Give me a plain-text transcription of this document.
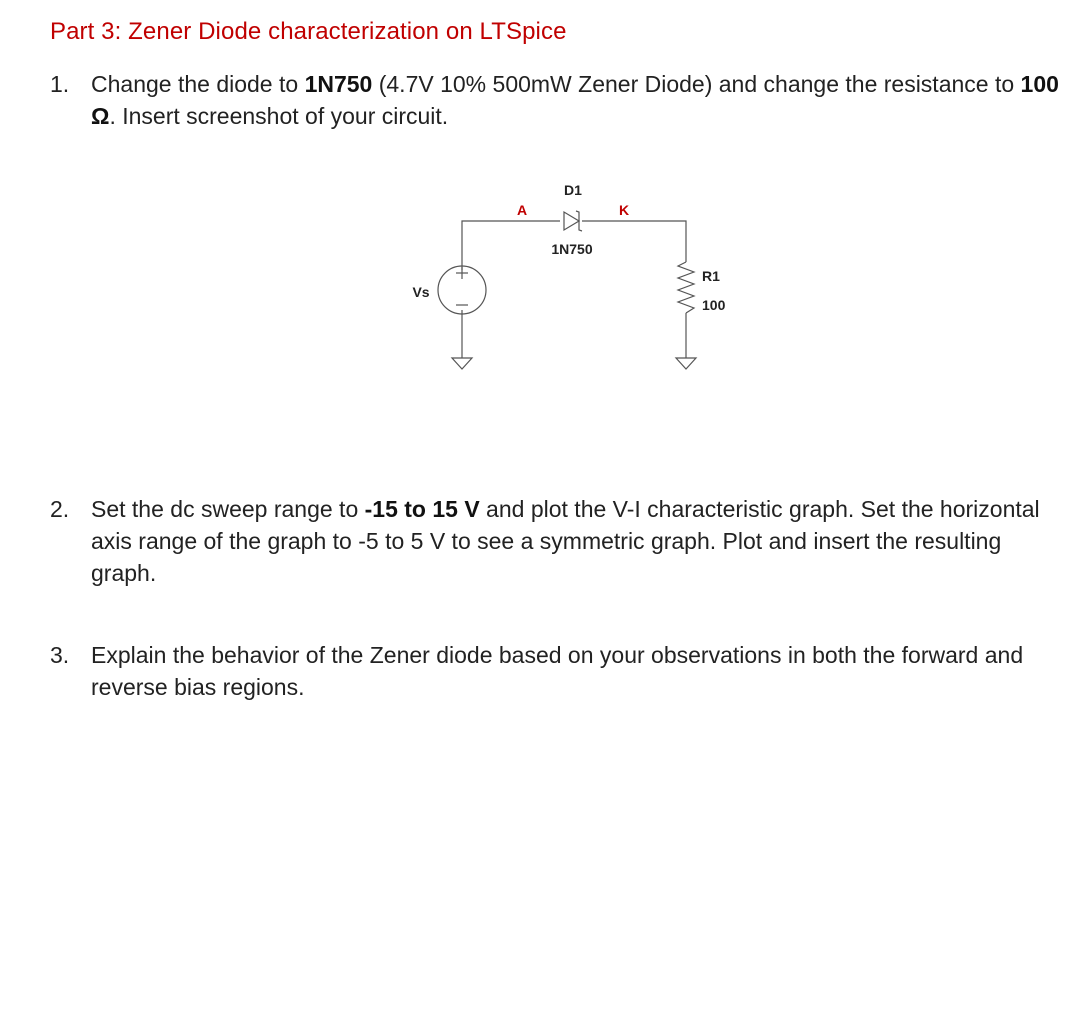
Part 3: Zener Diode characterization on LTSpice
1. Change the diode to 1N750 (4.7V 10% 500mW Zener Diode) and change the resistance to 100 Ω. Insert screenshot of your circuit.
D1
A	K
1N750
Vs
R1
100
2. Set the dc sweep range to -15 to 15 V and plot the V-I characteristic graph. Set the horizontal axis range of the graph to -5 to 5 V to see a symmetric graph. Plot and insert the resulting graph.
3. Explain the behavior of the Zener diode based on your observations in both the forward and reverse bias regions.
